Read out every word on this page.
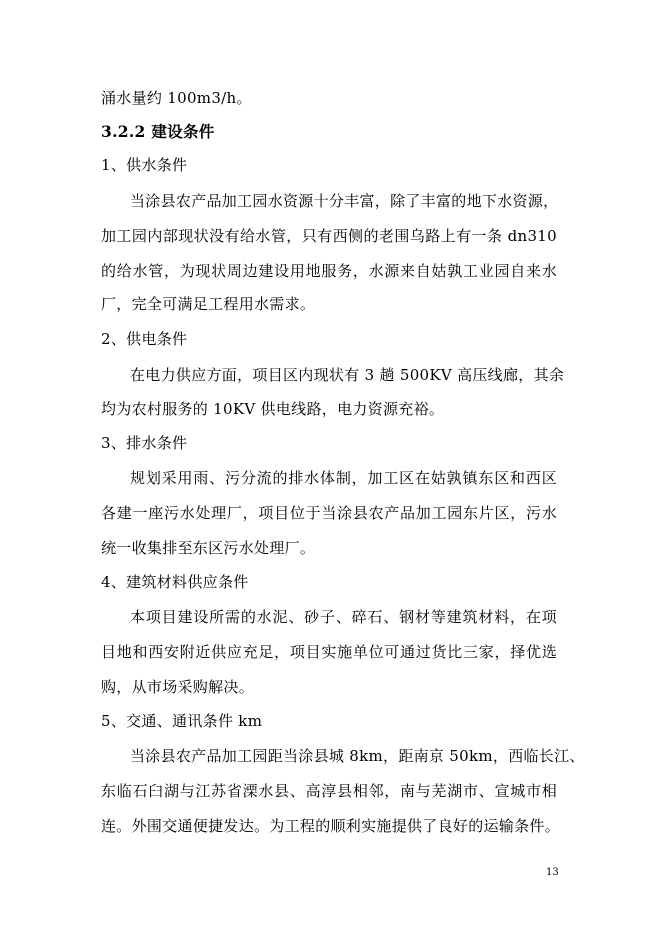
涌水量约 100m3/h。
3.2.2 建设条件
1、供水条件
当涂县农产品加工园水资源十分丰富，除了丰富的地下水资源，
加工园内部现状没有给水管，只有西侧的老围乌路上有一条 dn310
的给水管，为现状周边建设用地服务，水源来自姑孰工业园自来水
厂，完全可满足工程用水需求。
2、供电条件
在电力供应方面，项目区内现状有 3 趟 500KV 高压线廊，其余
均为农村服务的 10KV 供电线路，电力资源充裕。
3、排水条件
规划采用雨、污分流的排水体制，加工区在姑孰镇东区和西区
各建一座污水处理厂，项目位于当涂县农产品加工园东片区，污水
统一收集排至东区污水处理厂。
4、建筑材料供应条件
本项目建设所需的水泥、砂子、碎石、钢材等建筑材料，在项
目地和西安附近供应充足，项目实施单位可通过货比三家，择优选
购，从市场采购解决。
5、交通、通讯条件 km
当涂县农产品加工园距当涂县城 8km，距南京 50km，西临长江、
东临石臼湖与江苏省溧水县、高淳县相邻，南与芜湖市、宣城市相
连。外围交通便捷发达。为工程的顺利实施提供了良好的运输条件。
13
